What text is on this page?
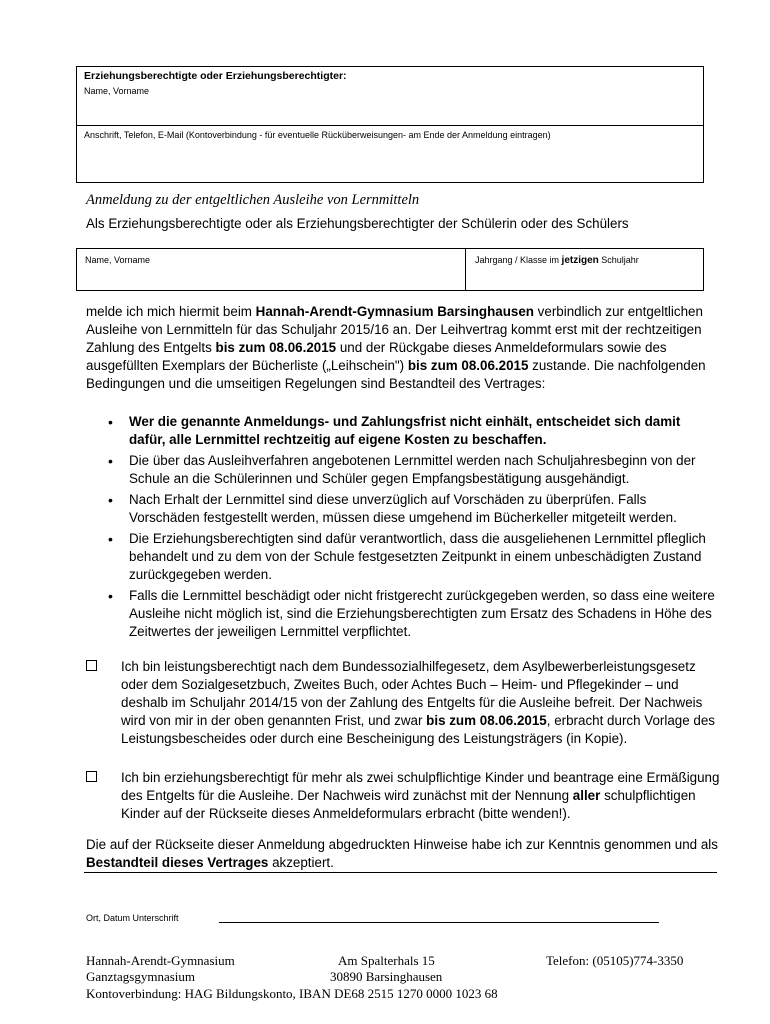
Erziehungsberechtigte oder Erziehungsberechtigter:
Name, Vorname
Anschrift, Telefon, E-Mail (Kontoverbindung - für eventuelle Rücküberweisungen- am Ende der Anmeldung eintragen)
Anmeldung zu der entgeltlichen Ausleihe von Lernmitteln
Als Erziehungsberechtigte oder als Erziehungsberechtigter der Schülerin oder des Schülers
Name, Vorname	Jahrgang / Klasse im jetzigen Schuljahr
melde ich mich hiermit beim Hannah-Arendt-Gymnasium Barsinghausen verbindlich zur entgeltlichen Ausleihe von Lernmitteln für das Schuljahr 2015/16 an. Der Leihvertrag kommt erst mit der rechtzeitigen Zahlung des Entgelts bis zum 08.06.2015 und der Rückgabe dieses Anmeldeformulars sowie des ausgefüllten Exemplars der Bücherliste („Leihschein") bis zum 08.06.2015 zustande. Die nachfolgenden Bedingungen und die umseitigen Regelungen sind Bestandteil des Vertrages:
• Wer die genannte Anmeldungs- und Zahlungsfrist nicht einhält, entscheidet sich damit dafür, alle Lernmittel rechtzeitig auf eigene Kosten zu beschaffen.
• Die über das Ausleihverfahren angebotenen Lernmittel werden nach Schuljahresbeginn von der Schule an die Schülerinnen und Schüler gegen Empfangsbestätigung ausgehändigt.
• Nach Erhalt der Lernmittel sind diese unverzüglich auf Vorschäden zu überprüfen. Falls Vorschäden festgestellt werden, müssen diese umgehend im Bücherkeller mitgeteilt werden.
• Die Erziehungsberechtigten sind dafür verantwortlich, dass die ausgeliehenen Lernmittel pfleglich behandelt und zu dem von der Schule festgesetzten Zeitpunkt in einem unbeschädigten Zustand zurückgegeben werden.
• Falls die Lernmittel beschädigt oder nicht fristgerecht zurückgegeben werden, so dass eine weitere Ausleihe nicht möglich ist, sind die Erziehungsberechtigten zum Ersatz des Schadens in Höhe des Zeitwertes der jeweiligen Lernmittel verpflichtet.
Ich bin leistungsberechtigt nach dem Bundessozialhilfegesetz, dem Asylbewerberleistungsgesetz oder dem Sozialgesetzbuch, Zweites Buch, oder Achtes Buch – Heim- und Pflegekinder – und deshalb im Schuljahr 2014/15 von der Zahlung des Entgelts für die Ausleihe befreit. Der Nachweis wird von mir in der oben genannten Frist, und zwar bis zum 08.06.2015, erbracht durch Vorlage des Leistungsbescheides oder durch eine Bescheinigung des Leistungsträgers (in Kopie).
Ich bin erziehungsberechtigt für mehr als zwei schulpflichtige Kinder und beantrage eine Ermäßigung des Entgelts für die Ausleihe. Der Nachweis wird zunächst mit der Nennung aller schulpflichtigen Kinder auf der Rückseite dieses Anmeldeformulars erbracht (bitte wenden!).
Die auf der Rückseite dieser Anmeldung abgedruckten Hinweise habe ich zur Kenntnis genommen und als Bestandteil dieses Vertrages akzeptiert.
Ort, Datum Unterschrift
Hannah-Arendt-Gymnasium
Ganztagsgymnasium
Am Spalterhals 15
30890 Barsinghausen
Telefon: (05105)774-3350
Kontoverbindung: HAG Bildungskonto, IBAN DE68 2515 1270 0000 1023 68
